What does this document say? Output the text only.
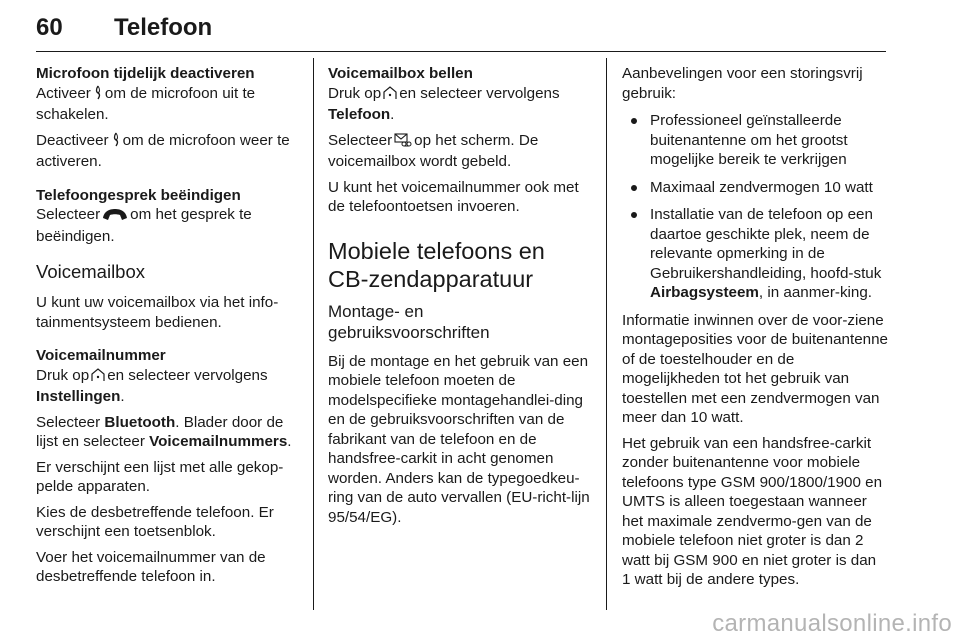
60 Telefoon
Microfoon tijdelijk deactiveren

Activeer om de microfoon uit te schakelen.

Deactiveer om de microfoon weer te activeren.

Telefoongesprek beëindigen

Selecteer om het gesprek te beëindigen.

Voicemailbox

U kunt uw voicemailbox via het info-tainmentsysteem bedienen.

Voicemailnummer

Druk op en selecteer vervolgens Instellingen.

Selecteer Bluetooth. Blader door de lijst en selecteer Voicemailnummers.

Er verschijnt een lijst met alle gekop-pelde apparaten.

Kies de desbetreffende telefoon. Er verschijnt een toetsenblok.

Voer het voicemailnummer van de desbetreffende telefoon in.

Voicemailbox bellen

Druk op en selecteer vervolgens Telefoon.

Selecteer op het scherm. De voicemailbox wordt gebeld.

U kunt het voicemailnummer ook met de telefoontoetsen invoeren.

Mobiele telefoons en
CB-zendapparatuur
Montage- en
gebruiksvoorschriften

Bij de montage en het gebruik van een mobiele telefoon moeten de modelspecifieke montagehandlei-ding en de gebruiksvoorschriften van de fabrikant van de telefoon en de handsfree-carkit in acht genomen worden. Anders kan de typegoedkeu-ring van de auto vervallen (EU-richt-lijn 95/54/EG).

Aanbevelingen voor een storingsvrij gebruik:

Professioneel geïnstalleerde buitenantenne om het grootst mogelijke bereik te verkrijgen
Maximaal zendvermogen 10 watt
Installatie van de telefoon op een daartoe geschikte plek, neem de relevante opmerking in de Gebruikershandleiding, hoofd-stuk Airbagsysteem, in aanmer-king.

Informatie inwinnen over de voor-ziene montageposities voor de buitenantenne of de toestelhouder en de mogelijkheden tot het gebruik van toestellen met een zendvermogen van meer dan 10 watt.

Het gebruik van een handsfree-carkit zonder buitenantenne voor mobiele telefoons type GSM 900/1800/1900 en UMTS is alleen toegestaan wanneer het maximale zendvermo-gen van de mobiele telefoon niet groter is dan 2 watt bij GSM 900 en niet groter is dan 1 watt bij de andere types.

carmanualsonline.info
